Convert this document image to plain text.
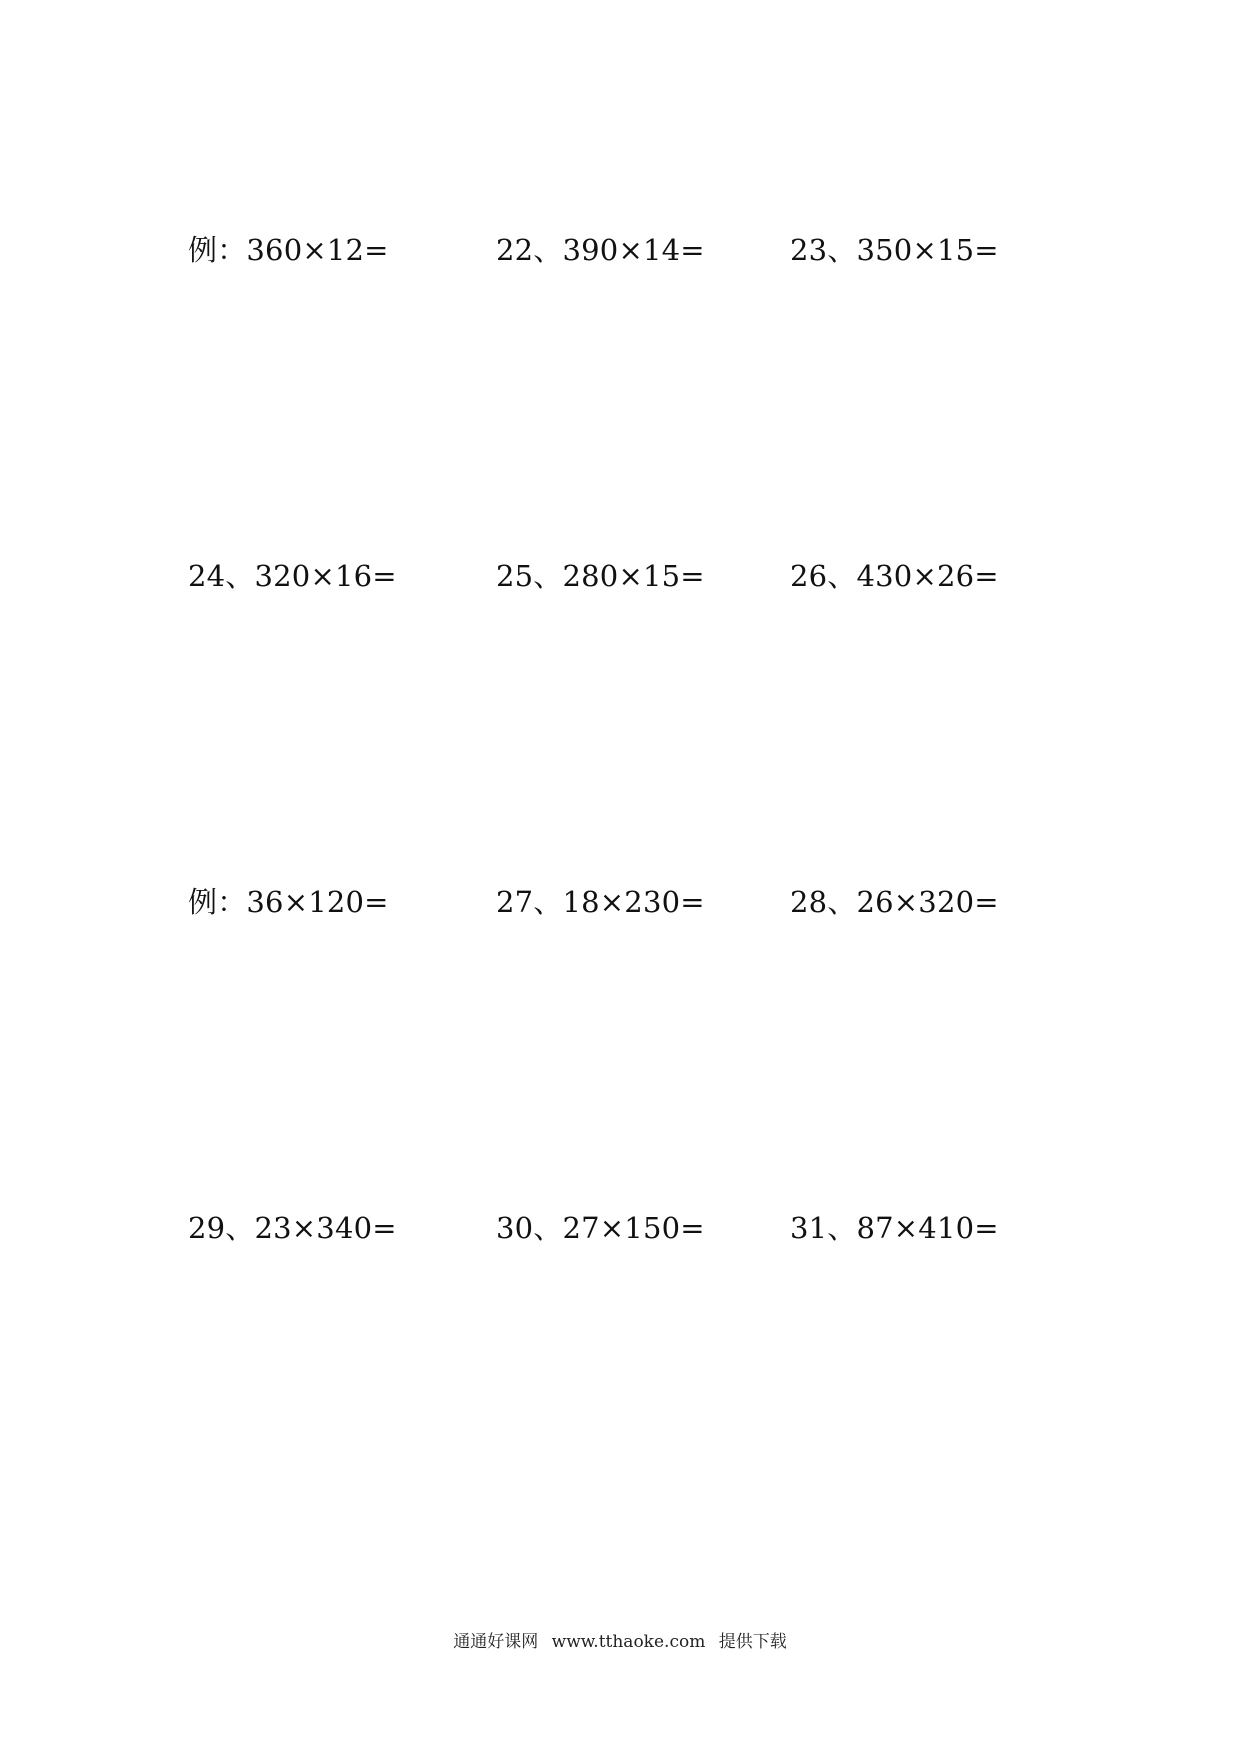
例：360×12=	22、390×14=	23、350×15=
24、320×16=	25、280×15=	26、430×26=
例：36×120=	27、18×230=	28、26×320=
29、23×340=	30、27×150=	31、87×410=
通通好课网 www.tthaoke.com 提供下载
